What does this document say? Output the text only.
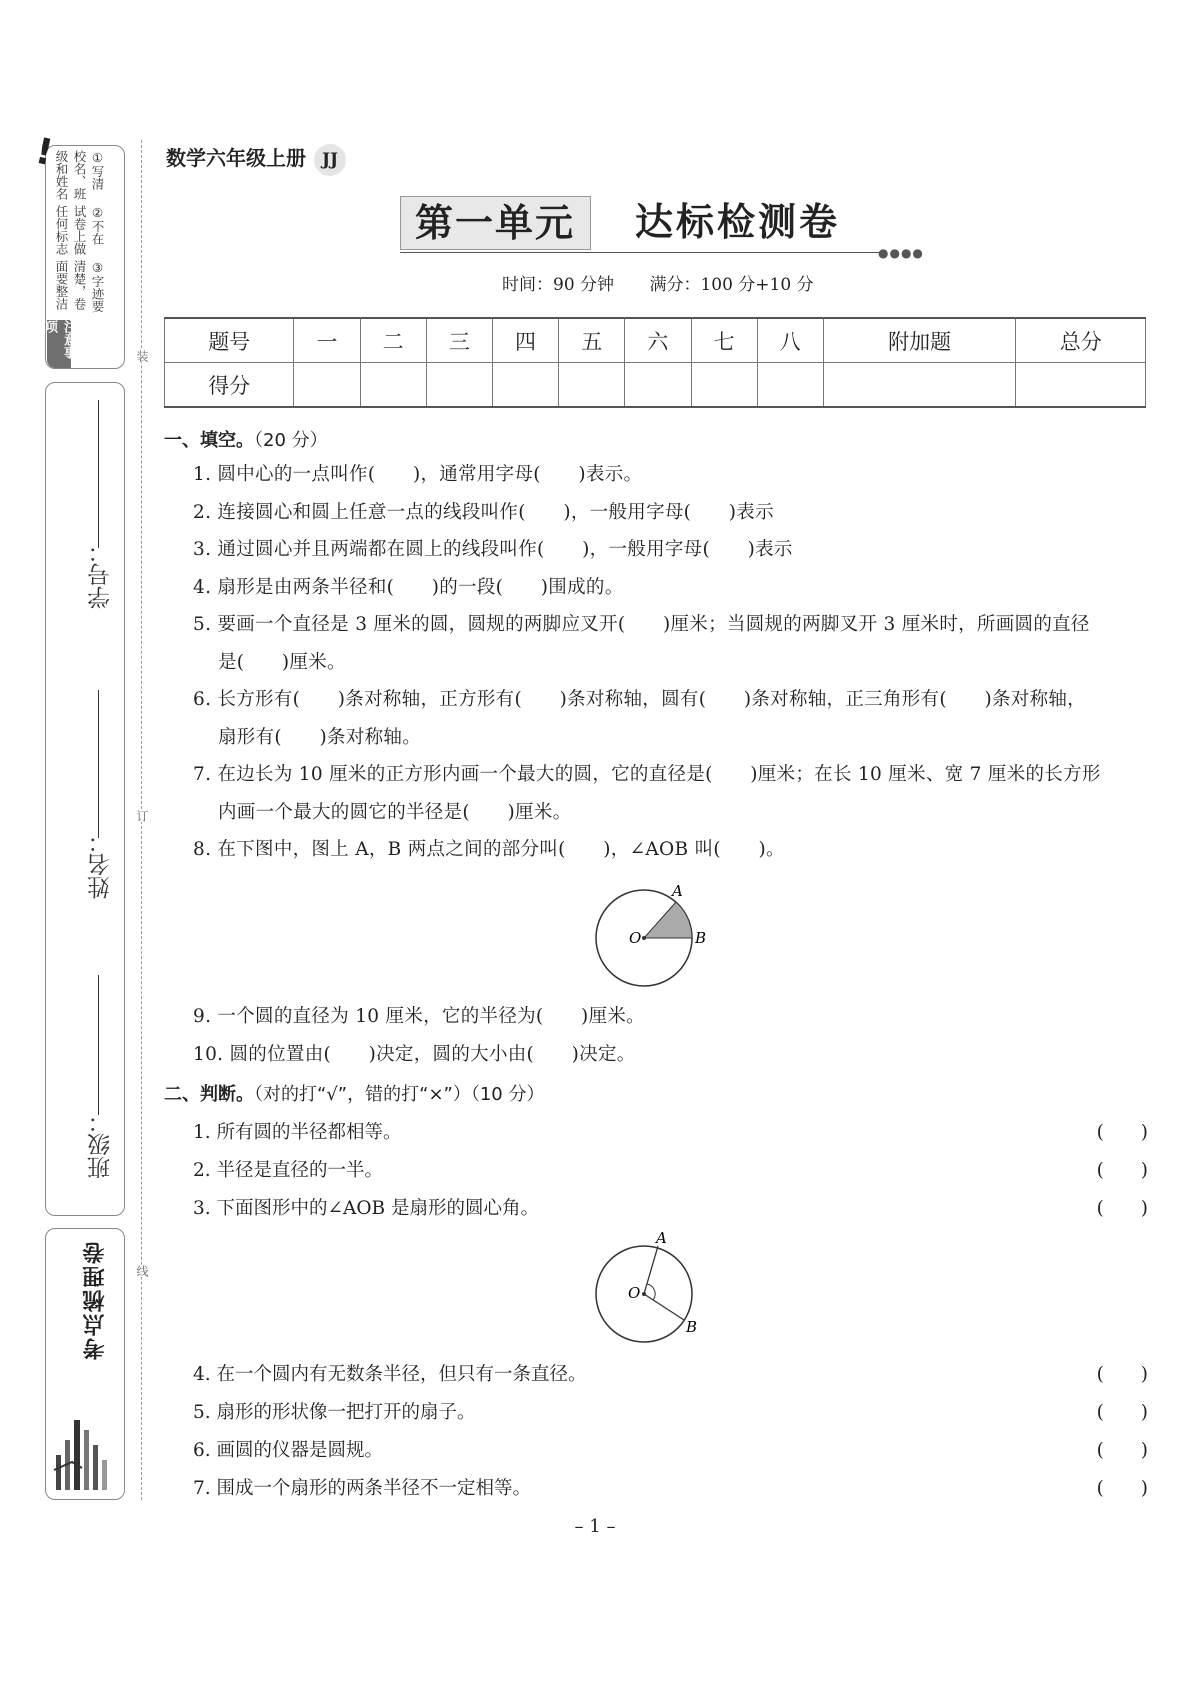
!	①写清校名、班级和姓名
②不在试卷上做任何标志
③字迹要清楚，卷面要整洁
注意事项
学号：
姓名：
班级：
考点梳理卷
装
订
线
数学六年级上册 JJ
第一单元	达标检测卷
●●●●
时间：90 分钟 满分：100 分+10 分
题号	一	二	三	四	五	六	七	八	附加题	总分
得分										
一、填空。（20 分）
1. 圆中心的一点叫作(　　)，通常用字母(　　)表示。
2. 连接圆心和圆上任意一点的线段叫作(　　)，一般用字母(　　)表示
3. 通过圆心并且两端都在圆上的线段叫作(　　)，一般用字母(　　)表示
4. 扇形是由两条半径和(　　)的一段(　　)围成的。
5. 要画一个直径是 3 厘米的圆，圆规的两脚应叉开(　　)厘米；当圆规的两脚叉开 3 厘米时，所画圆的直径
是(　　)厘米。
6. 长方形有(　　)条对称轴，正方形有(　　)条对称轴，圆有(　　)条对称轴，正三角形有(　　)条对称轴，
扇形有(　　)条对称轴。
7. 在边长为 10 厘米的正方形内画一个最大的圆，它的直径是(　　)厘米；在长 10 厘米、宽 7 厘米的长方形
内画一个最大的圆它的半径是(　　)厘米。
8. 在下图中，图上 A，B 两点之间的部分叫(　　)，∠AOB 叫(　　)。
A
B
O
9. 一个圆的直径为 10 厘米，它的半径为(　　)厘米。
10. 圆的位置由(　　)决定，圆的大小由(　　)决定。
二、判断。（对的打“√”，错的打“×”）（10 分）
1. 所有圆的半径都相等。	(　　)
2. 半径是直径的一半。	(　　)
3. 下面图形中的∠AOB 是扇形的圆心角。	(　　)
A
B
O
4. 在一个圆内有无数条半径，但只有一条直径。	(　　)
5. 扇形的形状像一把打开的扇子。	(　　)
6. 画圆的仪器是圆规。	(　　)
7. 围成一个扇形的两条半径不一定相等。	(　　)
– 1 –
